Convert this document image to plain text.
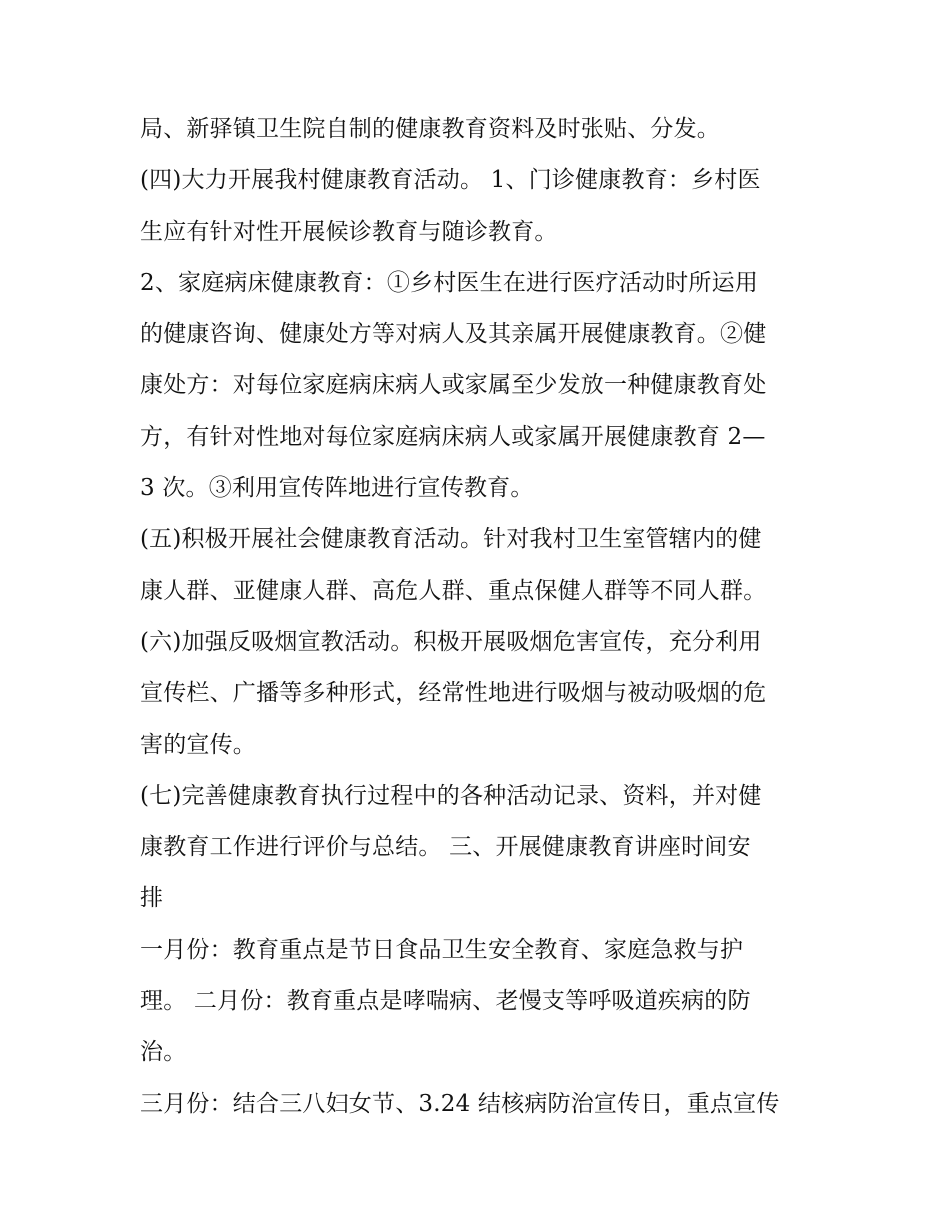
局、新驿镇卫生院自制的健康教育资料及时张贴、分发。
(四)大力开展我村健康教育活动。 1、门诊健康教育：乡村医
生应有针对性开展候诊教育与随诊教育。
2、家庭病床健康教育：①乡村医生在进行医疗活动时所运用
的健康咨询、健康处方等对病人及其亲属开展健康教育。②健
康处方：对每位家庭病床病人或家属至少发放一种健康教育处
方，有针对性地对每位家庭病床病人或家属开展健康教育 2—
3 次。③利用宣传阵地进行宣传教育。
(五)积极开展社会健康教育活动。针对我村卫生室管辖内的健
康人群、亚健康人群、高危人群、重点保健人群等不同人群。
(六)加强反吸烟宣教活动。积极开展吸烟危害宣传，充分利用
宣传栏、广播等多种形式，经常性地进行吸烟与被动吸烟的危
害的宣传。
(七)完善健康教育执行过程中的各种活动记录、资料，并对健
康教育工作进行评价与总结。 三、开展健康教育讲座时间安
排
一月份：教育重点是节日食品卫生安全教育、家庭急救与护
理。 二月份：教育重点是哮喘病、老慢支等呼吸道疾病的防
治。
三月份：结合三八妇女节、3.24 结核病防治宣传日，重点宣传
